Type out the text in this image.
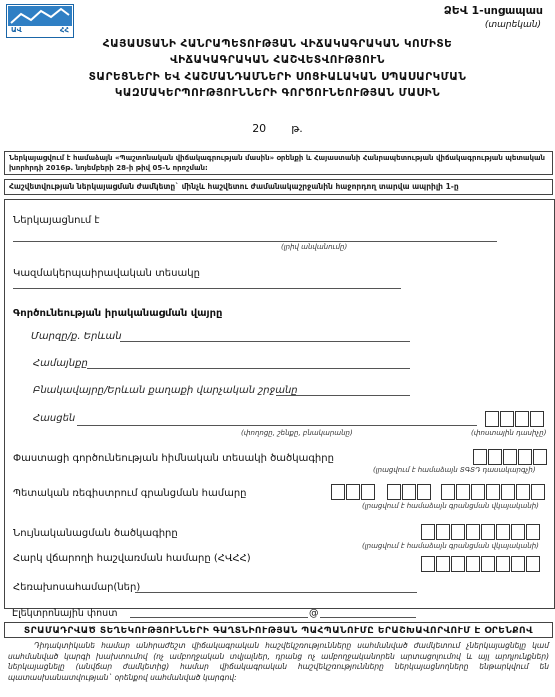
ԱՎ	ՀՀ
ՁԵՎ 1-սոցապաս
(տարեկան)
ՀԱՅԱՍՏԱՆԻ ՀԱՆՐԱՊԵՏՈՒԹՅԱՆ ՎԻՃԱԿԱԳՐԱԿԱՆ ԿՈՄԻՏԵ
ՎԻՃԱԿԱԳՐԱԿԱՆ ՀԱՇՎԵՏՎՈՒԹՅՈՒՆ
ՏԱՐԵՑՆԵՐԻ ԵՎ ՀԱՇՄԱՆԴԱՄՆԵՐԻ ՍՈՑԻԱԼԱԿԱՆ ՍՊԱՍԱՐԿՄԱՆ
ԿԱԶՄԱԿԵՐՊՈՒԹՅՈՒՆՆԵՐԻ ԳՈՐԾՈՒՆԵՈՒԹՅԱՆ ՄԱՍԻՆ
20 թ.
Ներկայացվում է համաձայն «Պաշտոնական վիճակագրության մասին» օրենքի և Հայաստանի Հանրապետության վիճակագրության պետական խորհրդի 2016թ. նոյեմբերի 28-ի թիվ 05-Ն որոշման:
Հաշվետվության ներկայացման ժամկետը` մինչև հաշվետու ժամանակաշրջանին հաջորդող տարվա ապրիլի 1-ը
Ներկայացնում է
(լրիվ անվանումը)
Կազմակերպաիրավական տեսակը
Գործունեության իրականացման վայրը
Մարզը/ք. Երևան
Համայնքը
Բնակավայրը/Երևան քաղաքի վարչական շրջանը
Հասցեն
(փողոցը, շենքը, բնակարանը)	(փոստային դասիչը)
Փաստացի գործունեության հիմնական տեսակի ծածկագիրը
(լրացվում է համաձայն ՏԳՏԴ դասակարգչի)
Պետական ռեգիստրում գրանցման համարը
(լրացվում է համաձայն գրանցման վկայականի)
Նույնականացման ծածկագիրը
(լրացվում է համաձայն գրանցման վկայականի)
Հարկ վճարողի հաշվառման համարը (ՀՎՀՀ)
Հեռախոսահամար(ներ)
Էլեկտրոնային փոստ	@
ՏՐԱՄԱԴՐՎԱԾ ՏԵՂԵԿՈՒԹՅՈՒՆՆԵՐԻ ԳԱՂՏՆԻՈՒԹՅԱՆ ՊԱՀՊԱՆՈՒՄԸ ԵՐԱՇԽԱՎՈՐՎՈՒՄ Է ՕՐԵՆՔՈՎ
Դիդակտիկանե համար անհրաժեշտ վիճակագրական հաշվեկշռությունները սահմանված ժամկետում չներկայացնելը կամ սահմանված կարգի խախտումով (ոչ ամբողջական տվյալներ, դրանց ոչ ամբողջականորեն արտացոլումով և այլ արդյունքներ) ներկայացնելը (անվճար ժամկետից) համար վիճակագրական հաշվեկշռությունները ներկայացնողները ենթարկվում են պատասխանատվության` օրենքով սահմանված կարգով:
